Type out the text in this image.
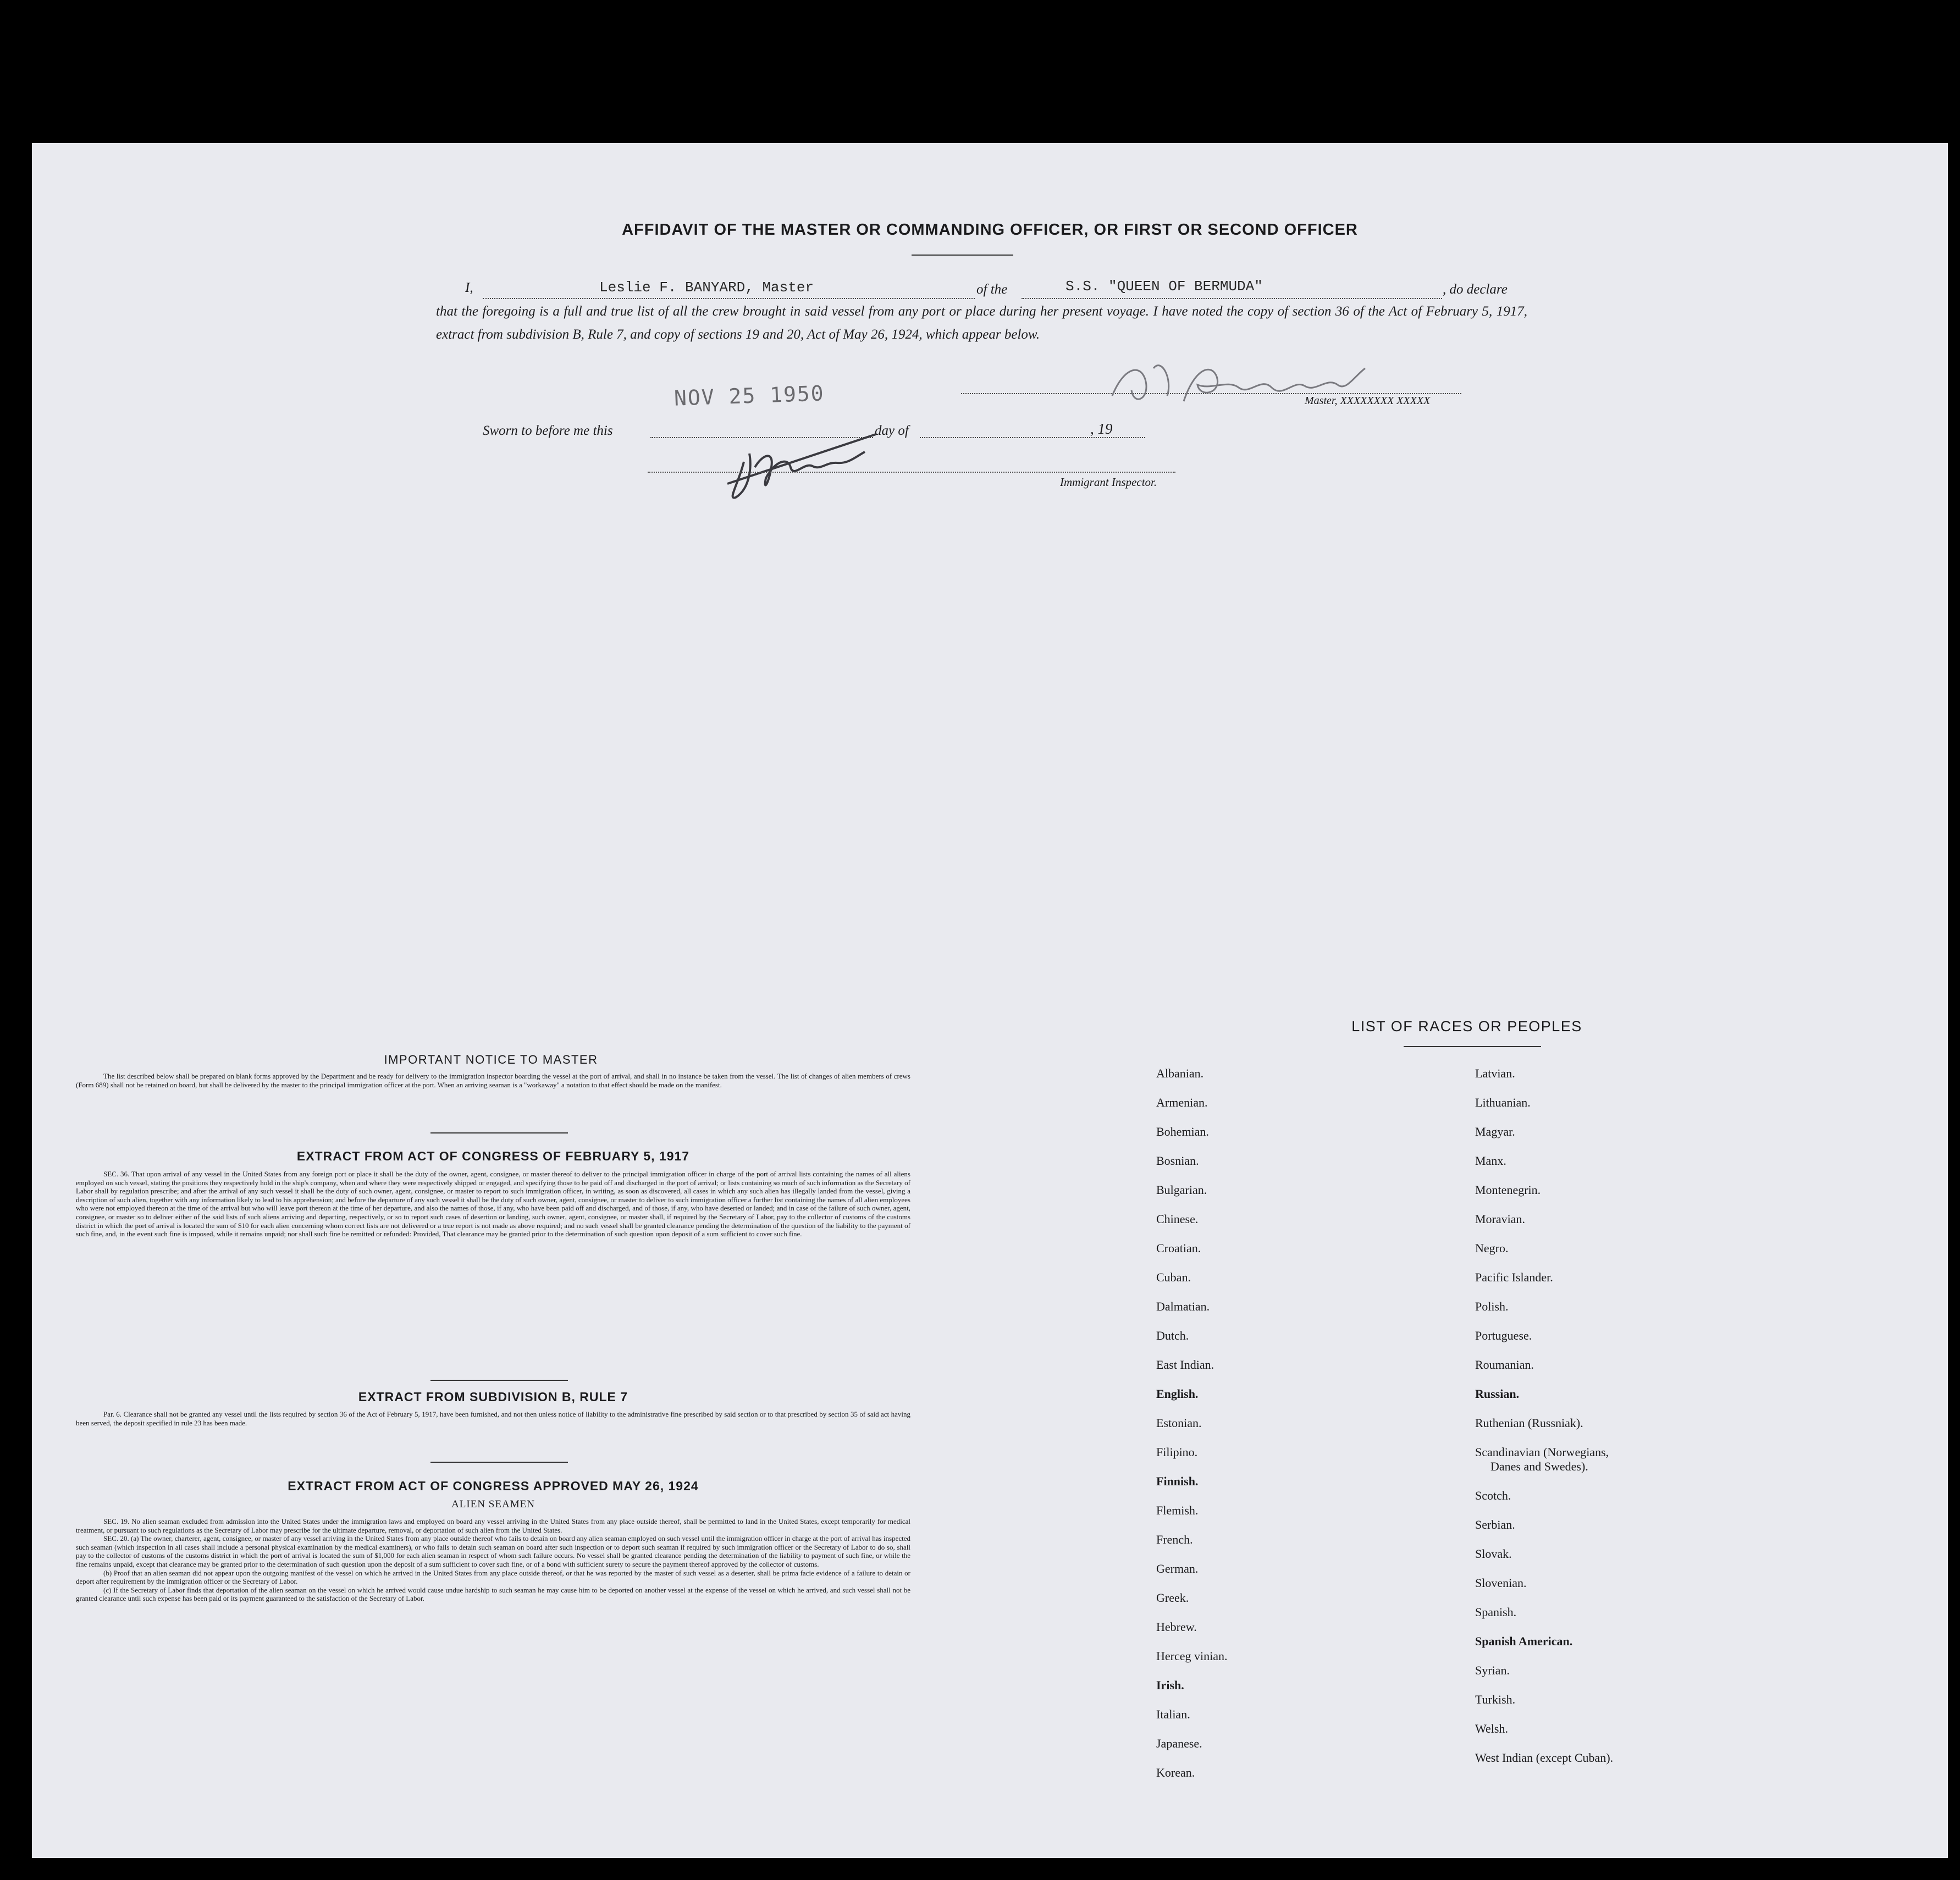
AFFIDAVIT OF THE MASTER OR COMMANDING OFFICER, OR FIRST OR SECOND OFFICER
I,	Leslie F. BANYARD, Master	of the	S.S. "QUEEN OF BERMUDA"	, do declare
that the foregoing is a full and true list of all the crew brought in said vessel from any port or place during her present voyage. I have noted the copy of section 36 of the Act of February 5, 1917, extract from subdivision B, Rule 7, and copy of sections 19 and 20, Act of May 26, 1924, which appear below.
NOV 25 1950	Master, XXXXXXXX XXXXX
Sworn to before me this	day of	, 19
Immigrant Inspector.
IMPORTANT NOTICE TO MASTER
The list described below shall be prepared on blank forms approved by the Department and be ready for delivery to the immigration inspector boarding the vessel at the port of arrival, and shall in no instance be taken from the vessel. The list of changes of alien members of crews (Form 689) shall not be retained on board, but shall be delivered by the master to the principal immigration officer at the port. When an arriving seaman is a "workaway" a notation to that effect should be made on the manifest.
EXTRACT FROM ACT OF CONGRESS OF FEBRUARY 5, 1917
SEC. 36. That upon arrival of any vessel in the United States from any foreign port or place it shall be the duty of the owner, agent, consignee, or master thereof to deliver to the principal immigration officer in charge of the port of arrival lists containing the names of all aliens employed on such vessel, stating the positions they respectively hold in the ship's company, when and where they were respectively shipped or engaged, and specifying those to be paid off and discharged in the port of arrival; or lists containing so much of such information as the Secretary of Labor shall by regulation prescribe; and after the arrival of any such vessel it shall be the duty of such owner, agent, consignee, or master to report to such immigration officer, in writing, as soon as discovered, all cases in which any such alien has illegally landed from the vessel, giving a description of such alien, together with any information likely to lead to his apprehension; and before the departure of any such vessel it shall be the duty of such owner, agent, consignee, or master to deliver to such immigration officer a further list containing the names of all alien employees who were not employed thereon at the time of the arrival but who will leave port thereon at the time of her departure, and also the names of those, if any, who have been paid off and discharged, and of those, if any, who have deserted or landed; and in case of the failure of such owner, agent, consignee, or master so to deliver either of the said lists of such aliens arriving and departing, respectively, or so to report such cases of desertion or landing, such owner, agent, consignee, or master shall, if required by the Secretary of Labor, pay to the collector of customs of the customs district in which the port of arrival is located the sum of $10 for each alien concerning whom correct lists are not delivered or a true report is not made as above required; and no such vessel shall be granted clearance pending the determination of the question of the liability to the payment of such fine, and, in the event such fine is imposed, while it remains unpaid; nor shall such fine be remitted or refunded: Provided, That clearance may be granted prior to the determination of such question upon deposit of a sum sufficient to cover such fine.
EXTRACT FROM SUBDIVISION B, RULE 7
Par. 6. Clearance shall not be granted any vessel until the lists required by section 36 of the Act of February 5, 1917, have been furnished, and not then unless notice of liability to the administrative fine prescribed by said section or to that prescribed by section 35 of said act having been served, the deposit specified in rule 23 has been made.
EXTRACT FROM ACT OF CONGRESS APPROVED MAY 26, 1924
ALIEN SEAMEN
SEC. 19. No alien seaman excluded from admission into the United States under the immigration laws and employed on board any vessel arriving in the United States from any place outside thereof, shall be permitted to land in the United States, except temporarily for medical treatment, or pursuant to such regulations as the Secretary of Labor may prescribe for the ultimate departure, removal, or deportation of such alien from the United States.
SEC. 20. (a) The owner, charterer, agent, consignee, or master of any vessel arriving in the United States from any place outside thereof who fails to detain on board any alien seaman employed on such vessel until the immigration officer in charge at the port of arrival has inspected such seaman (which inspection in all cases shall include a personal physical examination by the medical examiners), or who fails to detain such seaman on board after such inspection or to deport such seaman if required by such immigration officer or the Secretary of Labor to do so, shall pay to the collector of customs of the customs district in which the port of arrival is located the sum of $1,000 for each alien seaman in respect of whom such failure occurs. No vessel shall be granted clearance pending the determination of the liability to payment of such fine, or while the fine remains unpaid, except that clearance may be granted prior to the determination of such question upon the deposit of a sum sufficient to cover such fine, or of a bond with sufficient surety to secure the payment thereof approved by the collector of customs.
(b) Proof that an alien seaman did not appear upon the outgoing manifest of the vessel on which he arrived in the United States from any place outside thereof, or that he was reported by the master of such vessel as a deserter, shall be prima facie evidence of a failure to detain or deport after requirement by the immigration officer or the Secretary of Labor.
(c) If the Secretary of Labor finds that deportation of the alien seaman on the vessel on which he arrived would cause undue hardship to such seaman he may cause him to be deported on another vessel at the expense of the vessel on which he arrived, and such vessel shall not be granted clearance until such expense has been paid or its payment guaranteed to the satisfaction of the Secretary of Labor.
LIST OF RACES OR PEOPLES
Albanian.
Armenian.
Bohemian.
Bosnian.
Bulgarian.
Chinese.
Croatian.
Cuban.
Dalmatian.
Dutch.
East Indian.
English.
Estonian.
Filipino.
Finnish.
Flemish.
French.
German.
Greek.
Hebrew.
Herceg vinian.
Irish.
Italian.
Japanese.
Korean.
Latvian.
Lithuanian.
Magyar.
Manx.
Montenegrin.
Moravian.
Negro.
Pacific Islander.
Polish.
Portuguese.
Roumanian.
Russian.
Ruthenian (Russniak).
Scandinavian (Norwegians,
Danes and Swedes).
Scotch.
Serbian.
Slovak.
Slovenian.
Spanish.
Spanish American.
Syrian.
Turkish.
Welsh.
West Indian (except Cuban).
